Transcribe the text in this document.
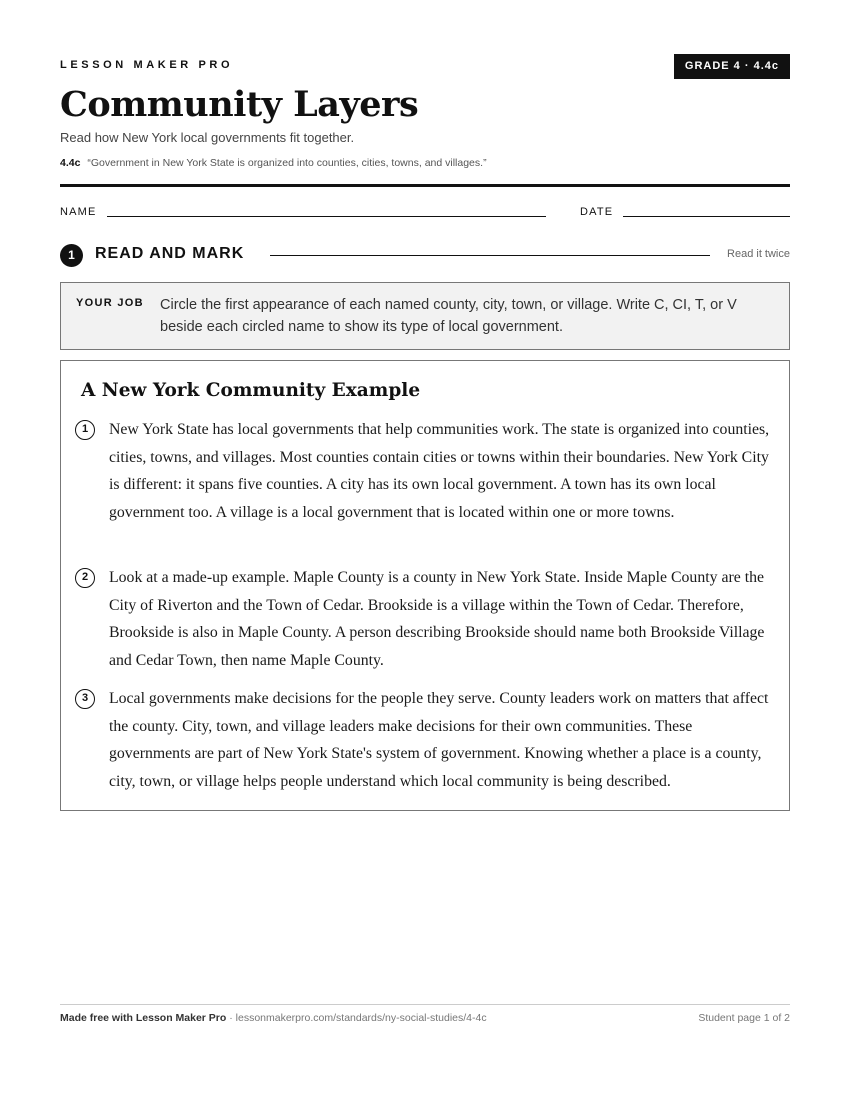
LESSON MAKER PRO	GRADE 4 · 4.4c
Community Layers
Read how New York local governments fit together.
4.4c “Government in New York State is organized into counties, cities, towns, and villages.”
NAME	DATE
1	READ AND MARK	Read it twice
YOUR JOB Circle the first appearance of each named county, city, town, or village. Write C, CI, T, or V beside each circled name to show its type of local government.
A New York Community Example
1	New York State has local governments that help communities work. The state is organized into counties, cities, towns, and villages. Most counties contain cities or towns within their boundaries. New York City is different: it spans five counties. A city has its own local government. A town has its own local government too. A village is a local government that is located within one or more towns.

2	Look at a made-up example. Maple County is a county in New York State. Inside Maple County are the City of Riverton and the Town of Cedar. Brookside is a village within the Town of Cedar. Therefore, Brookside is also in Maple County. A person describing Brookside should name both Brookside Village and Cedar Town, then name Maple County.

3	Local governments make decisions for the people they serve. County leaders work on matters that affect the county. City, town, and village leaders make decisions for their own communities. These governments are part of New York State's system of government. Knowing whether a place is a county, city, town, or village helps people understand which local community is being described.

Made free with Lesson Maker Pro · lessonmakerpro.com/standards/ny-social-studies/4-4c	Student page 1 of 2
